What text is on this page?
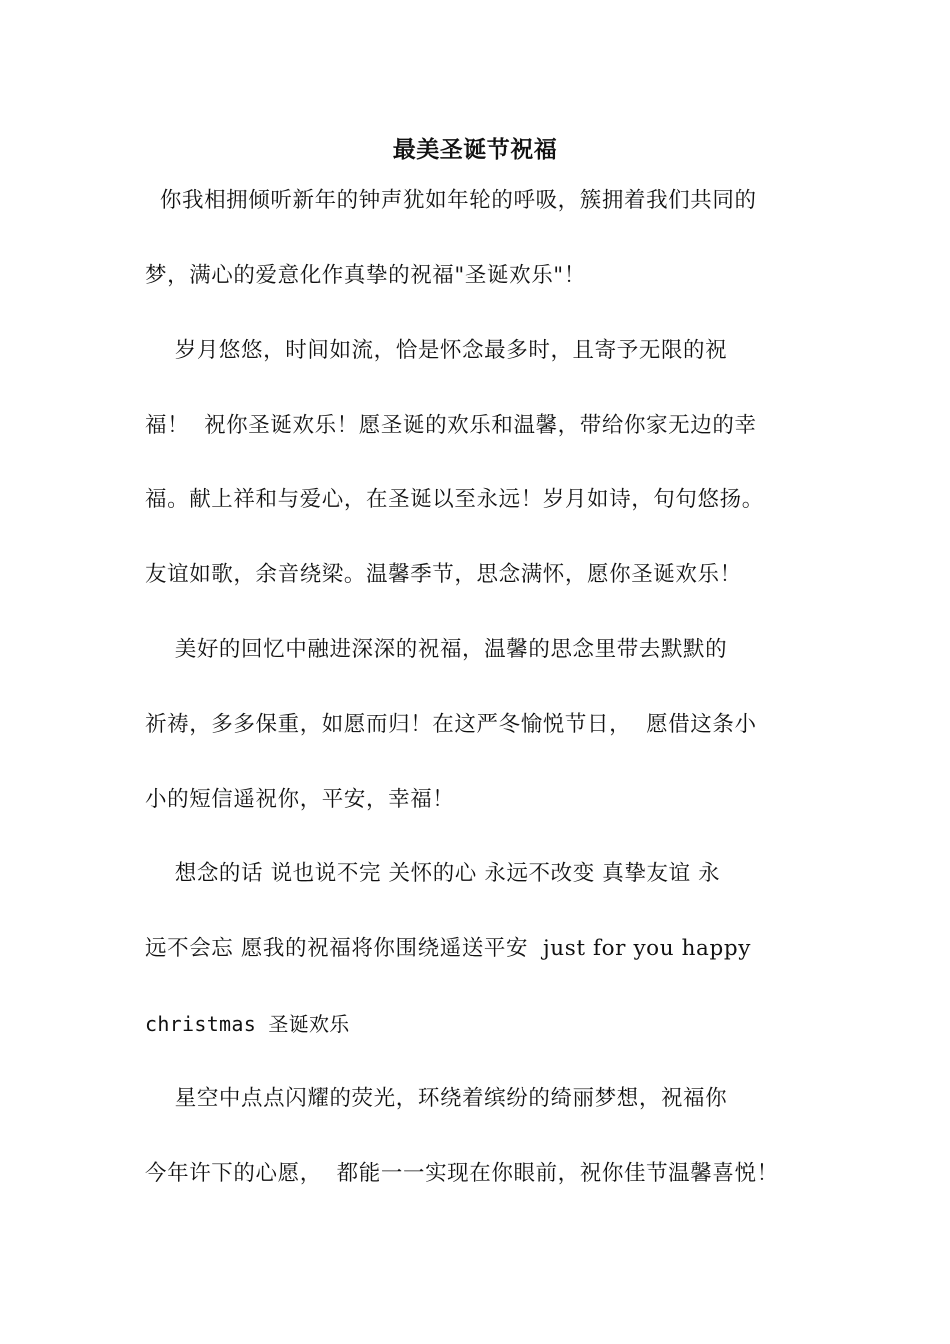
最美圣诞节祝福
你我相拥倾听新年的钟声犹如年轮的呼吸，簇拥着我们共同的
梦，满心的爱意化作真挚的祝福"圣诞欢乐"！
岁月悠悠，时间如流，恰是怀念最多时，且寄予无限的祝
福！  祝你圣诞欢乐！愿圣诞的欢乐和温馨，带给你家无边的幸
福。献上祥和与爱心，在圣诞以至永远！岁月如诗，句句悠扬。
友谊如歌，余音绕梁。温馨季节，思念满怀，愿你圣诞欢乐！
美好的回忆中融进深深的祝福，温馨的思念里带去默默的
祈祷，多多保重，如愿而归！在这严冬愉悦节日，  愿借这条小
小的短信遥祝你，平安，幸福！
想念的话 说也说不完 关怀的心 永远不改变 真挚友谊 永
远不会忘 愿我的祝福将你围绕遥送平安  just for you happy
christmas 圣诞欢乐
星空中点点闪耀的荧光，环绕着缤纷的绮丽梦想，祝福你
今年许下的心愿，  都能一一实现在你眼前，祝你佳节温馨喜悦！
